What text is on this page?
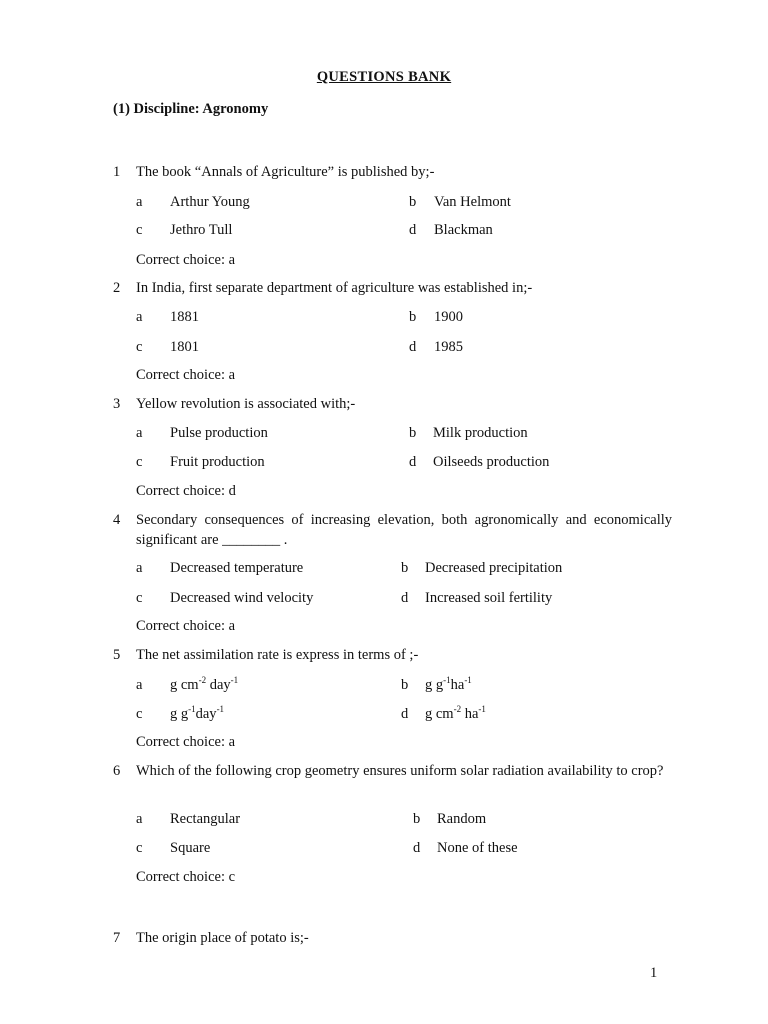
QUESTIONS BANK
(1) Discipline: Agronomy
1 The book “Annals of Agriculture” is published by;-
a Arthur Young	b Van Helmont
c Jethro Tull	d Blackman
Correct choice: a
2 In India, first separate department of agriculture was established in;-
a 1881	b 1900
c 1801	d 1985
Correct choice: a
3 Yellow revolution is associated with;-
a Pulse production	b Milk production
c Fruit production	d Oilseeds production
Correct choice: d
4 Secondary consequences of increasing elevation, both agronomically and economically significant are ________ .
a Decreased temperature	b Decreased precipitation
c Decreased wind velocity	d Increased soil fertility
Correct choice: a
5 The net assimilation rate is express in terms of ;-
a g $cm^{-2}$ day$^{-1}$	b g $g^{-1}ha^{-1}$
c g $g^{-1}day^{-1}$	d g $cm^{-2}$ $ha^{-1}$
Correct choice: a
6 Which of the following crop geometry ensures uniform solar radiation availability to crop?
a Rectangular	b Random
c Square	d None of these
Correct choice: c
7 The origin place of potato is;-
1
